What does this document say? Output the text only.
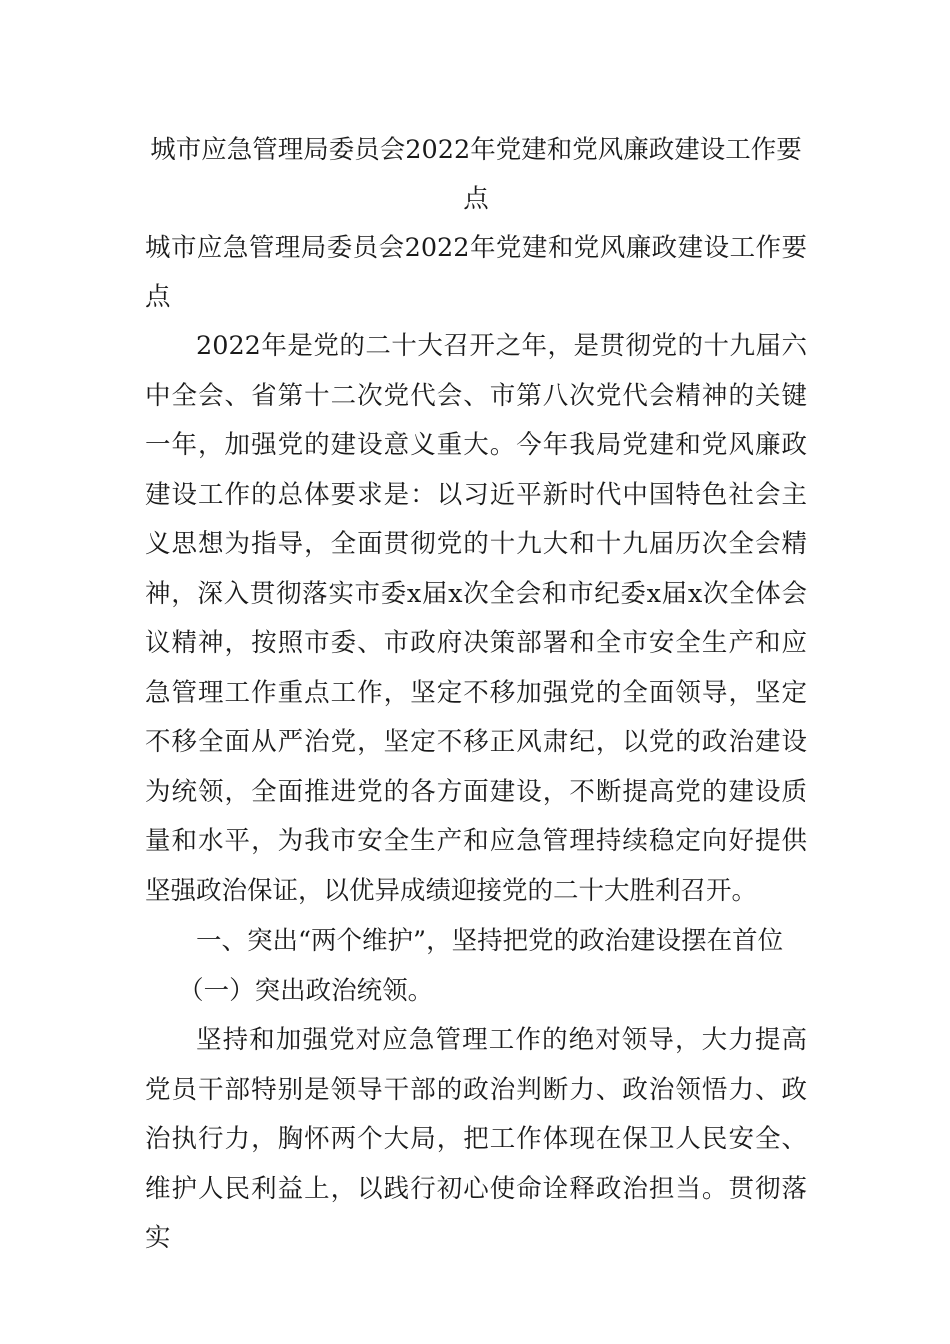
城市应急管理局委员会2022年党建和党风廉政建设工作要点

城市应急管理局委员会2022年党建和党风廉政建设工作要点

2022年是党的二十大召开之年，是贯彻党的十九届六中全会、省第十二次党代会、市第八次党代会精神的关键一年，加强党的建设意义重大。今年我局党建和党风廉政建设工作的总体要求是：以习近平新时代中国特色社会主义思想为指导，全面贯彻党的十九大和十九届历次全会精神，深入贯彻落实市委x届x次全会和市纪委x届x次全体会议精神，按照市委、市政府决策部署和全市安全生产和应急管理工作重点工作，坚定不移加强党的全面领导，坚定不移全面从严治党，坚定不移正风肃纪，以党的政治建设为统领，全面推进党的各方面建设，不断提高党的建设质量和水平，为我市安全生产和应急管理持续稳定向好提供坚强政治保证，以优异成绩迎接党的二十大胜利召开。

一、突出“两个维护”，坚持把党的政治建设摆在首位

（一）突出政治统领。

坚持和加强党对应急管理工作的绝对领导，大力提高党员干部特别是领导干部的政治判断力、政治领悟力、政治执行力，胸怀两个大局，把工作体现在保卫人民安全、维护人民利益上，以践行初心使命诠释政治担当。贯彻落实
